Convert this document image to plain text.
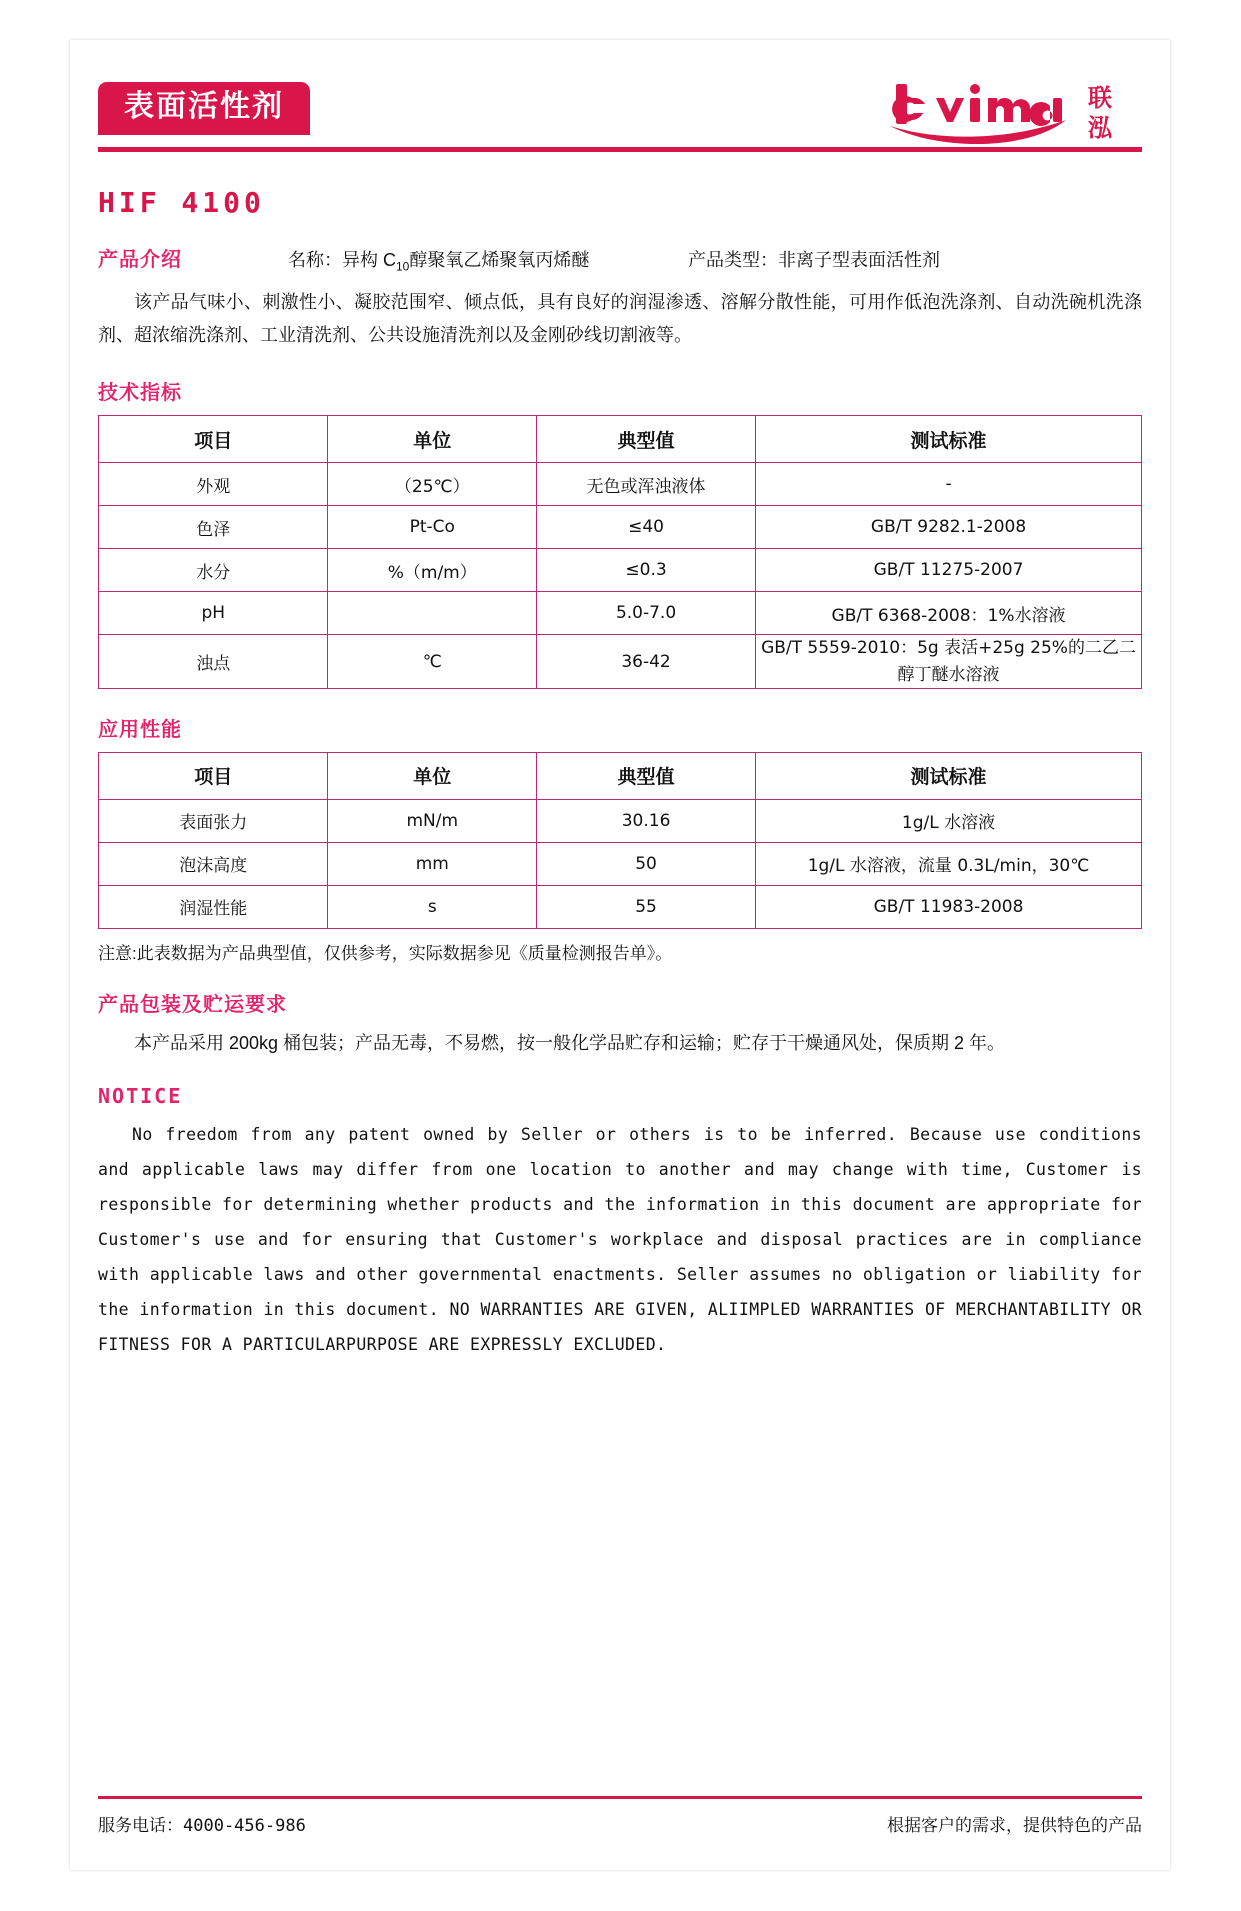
表面活性剂	联
泓
HIF 4100
产品介绍	名称：异构 $C_{10}$醇聚氧乙烯聚氧丙烯醚	产品类型：非离子型表面活性剂
该产品气味小、刺激性小、凝胶范围窄、倾点低，具有良好的润湿渗透、溶解分散性能，可用作低泡洗涤剂、自动洗碗机洗涤剂、超浓缩洗涤剂、工业清洗剂、公共设施清洗剂以及金刚砂线切割液等。
技术指标
项目	单位	典型值	测试标准
外观	（25℃）	无色或浑浊液体	-
色泽	Pt-Co	≤40	GB/T 9282.1-2008
水分	%（m/m）	≤0.3	GB/T 11275-2007
pH		5.0-7.0	GB/T 6368-2008：1%水溶液
浊点	℃	36-42	GB/T 5559-2010：5g 表活+25g 25%的二乙二醇丁醚水溶液
应用性能
项目	单位	典型值	测试标准
表面张力	mN/m	30.16	1g/L 水溶液
泡沫高度	mm	50	1g/L 水溶液，流量 0.3L/min，30℃
润湿性能	s	55	GB/T 11983-2008
注意:此表数据为产品典型值，仅供参考，实际数据参见《质量检测报告单》。
产品包装及贮运要求
本产品采用 200kg 桶包装；产品无毒，不易燃，按一般化学品贮存和运输；贮存于干燥通风处，保质期 2 年。
NOTICE
No freedom from any patent owned by Seller or others is to be inferred. Because use conditions and applicable laws may differ from one location to another and may change with time, Customer is responsible for determining whether products and the information in this document are appropriate for Customer's use and for ensuring that Customer's workplace and disposal practices are in compliance with applicable laws and other governmental enactments. Seller assumes no obligation or liability for the information in this document. NO WARRANTIES ARE GIVEN, ALIIMPLED WARRANTIES OF MERCHANTABILITY OR FITNESS FOR A PARTICULARPURPOSE ARE EXPRESSLY EXCLUDED.
服务电话：4000-456-986	根据客户的需求，提供特色的产品
